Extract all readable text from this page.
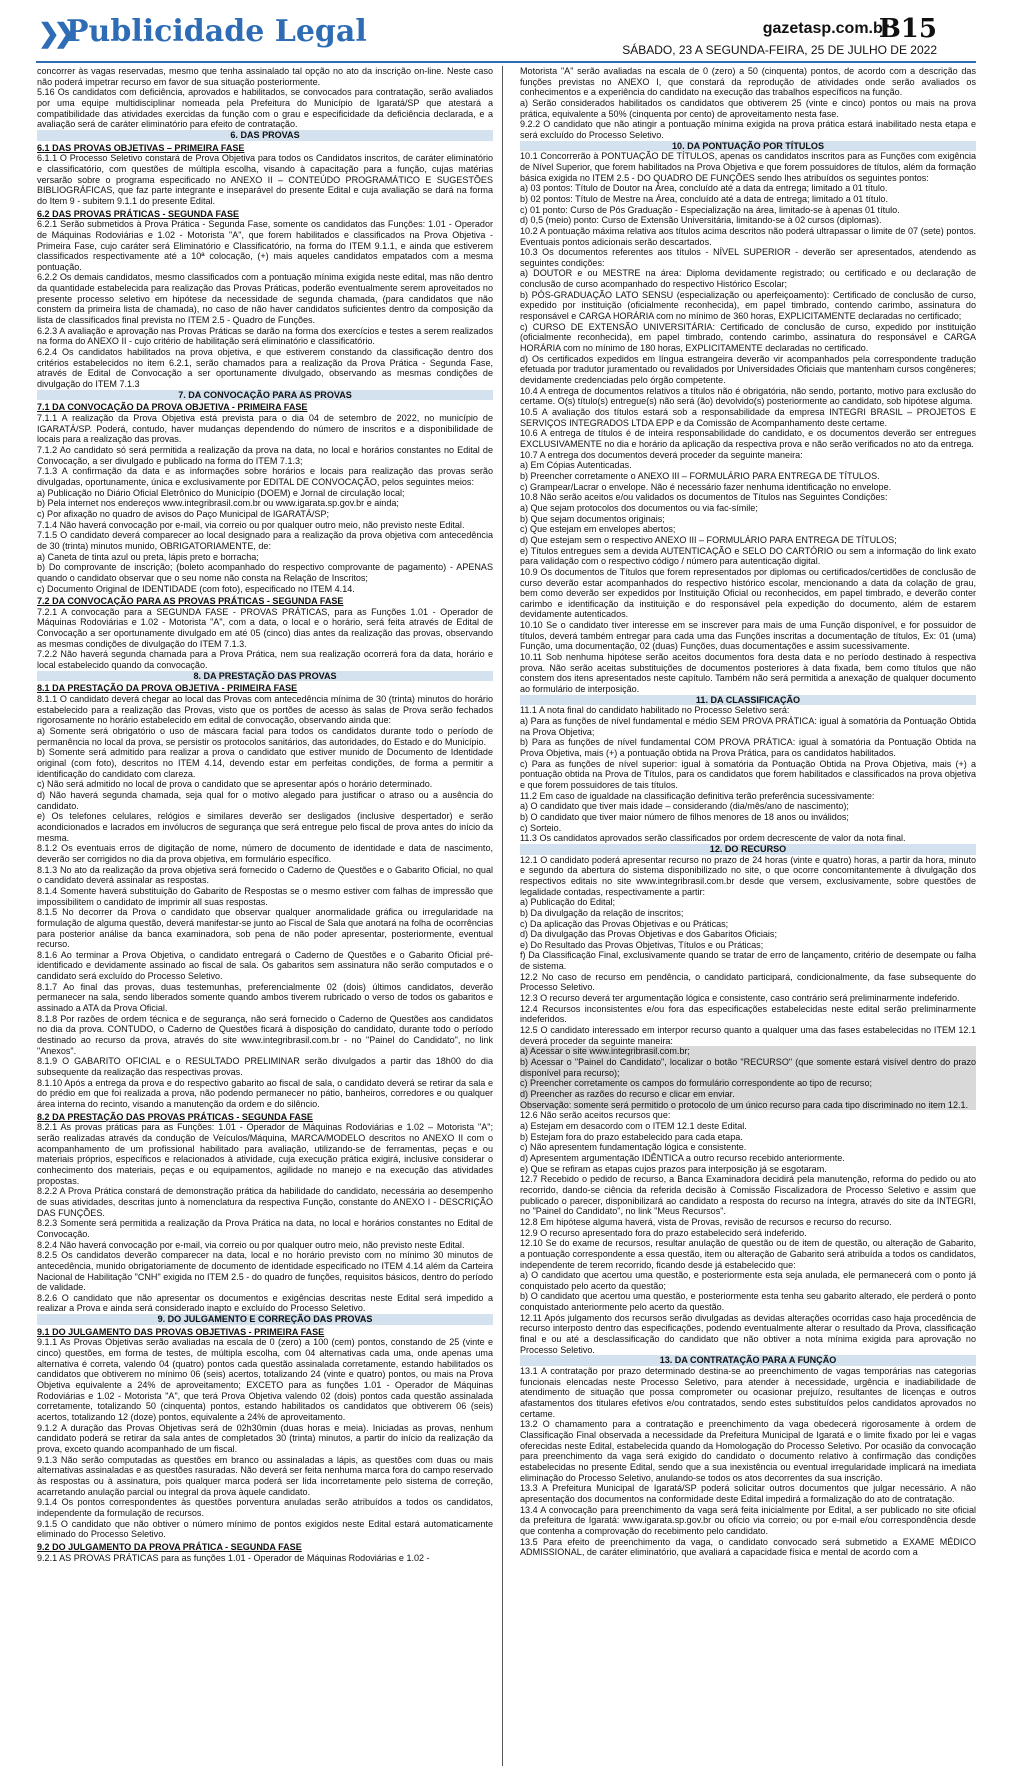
❯❯
Publicidade Legal	gazetasp.com.br
B15
SÁBADO, 23 A SEGUNDA-FEIRA, 25 DE JULHO DE 2022

concorrer às vagas reservadas, mesmo que tenha assinalado tal opção no ato da inscrição on-line. Neste caso não poderá impetrar recurso em favor de sua situação posteriormente.

5.16 Os candidatos com deficiência, aprovados e habilitados, se convocados para contratação, serão avaliados por uma equipe multidisciplinar nomeada pela Prefeitura do Município de Igaratá/SP que atestará a compatibilidade das atividades exercidas da função com o grau e especificidade da deficiência declarada, e a avaliação será de caráter eliminatório para efeito de contratação.

6. DAS PROVAS

6.1 DAS PROVAS OBJETIVAS – PRIMEIRA FASE

6.1.1 O Processo Seletivo constará de Prova Objetiva para todos os Candidatos inscritos, de caráter eliminatório e classificatório, com questões de múltipla escolha, visando à capacitação para a função, cujas matérias versarão sobre o programa especificado no ANEXO II – CONTEÚDO PROGRAMÁTICO E SUGESTÕES BIBLIOGRÁFICAS, que faz parte integrante e inseparável do presente Edital e cuja avaliação se dará na forma do Item 9 - subitem 9.1.1 do presente Edital.

6.2 DAS PROVAS PRÁTICAS - SEGUNDA FASE

6.2.1 Serão submetidos à Prova Prática - Segunda Fase, somente os candidatos das Funções: 1.01 - Operador de Máquinas Rodoviárias e 1.02 - Motorista "A", que forem habilitados e classificados na Prova Objetiva - Primeira Fase, cujo caráter será Eliminatório e Classificatório, na forma do ITEM 9.1.1, e ainda que estiverem classificados respectivamente até a 10ª colocação, (+) mais aqueles candidatos empatados com a mesma pontuação.

6.2.2 Os demais candidatos, mesmo classificados com a pontuação mínima exigida neste edital, mas não dentro da quantidade estabelecida para realização das Provas Práticas, poderão eventualmente serem aproveitados no presente processo seletivo em hipótese da necessidade de segunda chamada, (para candidatos que não constem da primeira lista de chamada), no caso de não haver candidatos suficientes dentro da composição da lista de classificados final prevista no ITEM 2.5 - Quadro de Funções.

6.2.3 A avaliação e aprovação nas Provas Práticas se darão na forma dos exercícios e testes a serem realizados na forma do ANEXO II - cujo critério de habilitação será eliminatório e classificatório.

6.2.4 Os candidatos habilitados na prova objetiva, e que estiverem constando da classificação dentro dos critérios estabelecidos no item 6.2.1, serão chamados para a realização da Prova Prática - Segunda Fase, através de Edital de Convocação a ser oportunamente divulgado, observando as mesmas condições de divulgação do ITEM 7.1.3

7. DA CONVOCAÇÃO PARA AS PROVAS

7.1 DA CONVOCAÇÃO DA PROVA OBJETIVA - PRIMEIRA FASE

7.1.1 A realização da Prova Objetiva está prevista para o dia 04 de setembro de 2022, no município de IGARATÁ/SP. Poderá, contudo, haver mudanças dependendo do número de inscritos e a disponibilidade de locais para a realização das provas.

7.1.2 Ao candidato só será permitida a realização da prova na data, no local e horários constantes no Edital de Convocação, a ser divulgado e publicado na forma do ITEM 7.1.3;

7.1.3 A confirmação da data e as informações sobre horários e locais para realização das provas serão divulgadas, oportunamente, única e exclusivamente por EDITAL DE CONVOCAÇÃO, pelos seguintes meios:

a) Publicação no Diário Oficial Eletrônico do Município (DOEM) e Jornal de circulação local;

b) Pela internet nos endereços www.integribrasil.com.br ou www.igarata.sp.gov.br e ainda;

c) Por afixação no quadro de avisos do Paço Municipal de IGARATÁ/SP;

7.1.4 Não haverá convocação por e-mail, via correio ou por qualquer outro meio, não previsto neste Edital.

7.1.5 O candidato deverá comparecer ao local designado para a realização da prova objetiva com antecedência de 30 (trinta) minutos munido, OBRIGATORIAMENTE, de:

a) Caneta de tinta azul ou preta, lápis preto e borracha;

b) Do comprovante de inscrição; (boleto acompanhado do respectivo comprovante de pagamento) - APENAS quando o candidato observar que o seu nome não consta na Relação de Inscritos;

c) Documento Original de IDENTIDADE (com foto), especificado no ITEM 4.14.

7.2 DA CONVOCAÇÃO PARA AS PROVAS PRÁTICAS - SEGUNDA FASE

7.2.1 A convocação para a SEGUNDA FASE - PROVAS PRÁTICAS, para as Funções 1.01 - Operador de Máquinas Rodoviárias e 1.02 - Motorista "A", com a data, o local e o horário, será feita através de Edital de Convocação a ser oportunamente divulgado em até 05 (cinco) dias antes da realização das provas, observando as mesmas condições de divulgação do ITEM 7.1.3.

7.2.2 Não haverá segunda chamada para a Prova Prática, nem sua realização ocorrerá fora da data, horário e local estabelecido quando da convocação.

8. DA PRESTAÇÃO DAS PROVAS

8.1 DA PRESTAÇÃO DA PROVA OBJETIVA - PRIMEIRA FASE

8.1.1 O candidato deverá chegar ao local das Provas com antecedência mínima de 30 (trinta) minutos do horário estabelecido para a realização das Provas, visto que os portões de acesso às salas de Prova serão fechados rigorosamente no horário estabelecido em edital de convocação, observando ainda que:

a) Somente será obrigatório o uso de máscara facial para todos os candidatos durante todo o período de permanência no local da prova, se persistir os protocolos sanitários, das autoridades, do Estado e do Município.

b) Somente será admitido para realizar a prova o candidato que estiver munido de Documento de Identidade original (com foto), descritos no ITEM 4.14, devendo estar em perfeitas condições, de forma a permitir a identificação do candidato com clareza.

c) Não será admitido no local de prova o candidato que se apresentar após o horário determinado.

d) Não haverá segunda chamada, seja qual for o motivo alegado para justificar o atraso ou a ausência do candidato.

e) Os telefones celulares, relógios e similares deverão ser desligados (inclusive despertador) e serão acondicionados e lacrados em invólucros de segurança que será entregue pelo fiscal de prova antes do início da mesma.

8.1.2 Os eventuais erros de digitação de nome, número de documento de identidade e data de nascimento, deverão ser corrigidos no dia da prova objetiva, em formulário específico.

8.1.3 No ato da realização da prova objetiva será fornecido o Caderno de Questões e o Gabarito Oficial, no qual o candidato deverá assinalar as respostas.

8.1.4 Somente haverá substituição do Gabarito de Respostas se o mesmo estiver com falhas de impressão que impossibilitem o candidato de imprimir all suas respostas.

8.1.5 No decorrer da Prova o candidato que observar qualquer anormalidade gráfica ou irregularidade na formulação de alguma questão, deverá manifestar-se junto ao Fiscal de Sala que anotará na folha de ocorrências para posterior análise da banca examinadora, sob pena de não poder apresentar, posteriormente, eventual recurso.

8.1.6 Ao terminar a Prova Objetiva, o candidato entregará o Caderno de Questões e o Gabarito Oficial pré-identificado e devidamente assinado ao fiscal de sala. Os gabaritos sem assinatura não serão computados e o candidato será excluído do Processo Seletivo.

8.1.7 Ao final das provas, duas testemunhas, preferencialmente 02 (dois) últimos candidatos, deverão permanecer na sala, sendo liberados somente quando ambos tiverem rubricado o verso de todos os gabaritos e assinado a ATA da Prova Oficial.

8.1.8 Por razões de ordem técnica e de segurança, não será fornecido o Caderno de Questões aos candidatos no dia da prova. CONTUDO, o Caderno de Questões ficará à disposição do candidato, durante todo o período destinado ao recurso da prova, através do site www.integribrasil.com.br - no "Painel do Candidato", no link "Anexos".

8.1.9 O GABARITO OFICIAL e o RESULTADO PRELIMINAR serão divulgados a partir das 18h00 do dia subsequente da realização das respectivas provas.

8.1.10 Após a entrega da prova e do respectivo gabarito ao fiscal de sala, o candidato deverá se retirar da sala e do prédio em que foi realizada a prova, não podendo permanecer no pátio, banheiros, corredores e ou qualquer área interna do recinto, visando a manutenção da ordem e do silêncio.

8.2 DA PRESTAÇÃO DAS PROVAS PRÁTICAS - SEGUNDA FASE

8.2.1 As provas práticas para as Funções: 1.01 - Operador de Máquinas Rodoviárias e 1.02 – Motorista "A"; serão realizadas através da condução de Veículos/Máquina, MARCA/MODELO descritos no ANEXO II com o acompanhamento de um profissional habilitado para avaliação, utilizando-se de ferramentas, peças e ou materiais próprios, específicos e relacionados à atividade, cuja execução prática exigirá, inclusive considerar o conhecimento dos materiais, peças e ou equipamentos, agilidade no manejo e na execução das atividades propostas.

8.2.2 A Prova Prática constará de demonstração prática da habilidade do candidato, necessária ao desempenho de suas atividades, descritas junto à nomenclatura da respectiva Função, constante do ANEXO I - DESCRIÇÃO DAS FUNÇÕES.

8.2.3 Somente será permitida a realização da Prova Prática na data, no local e horários constantes no Edital de Convocação.

8.2.4 Não haverá convocação por e-mail, via correio ou por qualquer outro meio, não previsto neste Edital.

8.2.5 Os candidatos deverão comparecer na data, local e no horário previsto com no mínimo 30 minutos de antecedência, munido obrigatoriamente de documento de identidade especificado no ITEM 4.14 além da Carteira Nacional de Habilitação "CNH" exigida no ITEM 2.5 - do quadro de funções, requisitos básicos, dentro do período de validade.

8.2.6 O candidato que não apresentar os documentos e exigências descritas neste Edital será impedido a realizar a Prova e ainda será considerado inapto e excluído do Processo Seletivo.

9. DO JULGAMENTO E CORREÇÃO DAS PROVAS

9.1 DO JULGAMENTO DAS PROVAS OBJETIVAS - PRIMEIRA FASE

9.1.1 As Provas Objetivas serão avaliadas na escala de 0 (zero) a 100 (cem) pontos, constando de 25 (vinte e cinco) questões, em forma de testes, de múltipla escolha, com 04 alternativas cada uma, onde apenas uma alternativa é correta, valendo 04 (quatro) pontos cada questão assinalada corretamente, estando habilitados os candidatos que obtiverem no mínimo 06 (seis) acertos, totalizando 24 (vinte e quatro) pontos, ou mais na Prova Objetiva equivalente a 24% de aproveitamento; EXCETO para as funções 1.01 - Operador de Máquinas Rodoviárias e 1.02 - Motorista "A", que terá Prova Objetiva valendo 02 (dois) pontos cada questão assinalada corretamente, totalizando 50 (cinquenta) pontos, estando habilitados os candidatos que obtiverem 06 (seis) acertos, totalizando 12 (doze) pontos, equivalente a 24% de aproveitamento.

9.1.2 A duração das Provas Objetivas será de 02h30min (duas horas e meia). Iniciadas as provas, nenhum candidato poderá se retirar da sala antes de completados 30 (trinta) minutos, a partir do início da realização da prova, exceto quando acompanhado de um fiscal.

9.1.3 Não serão computadas as questões em branco ou assinaladas a lápis, as questões com duas ou mais alternativas assinaladas e as questões rasuradas. Não deverá ser feita nenhuma marca fora do campo reservado às respostas ou à assinatura, pois qualquer marca poderá ser lida incorretamente pelo sistema de correção, acarretando anulação parcial ou integral da prova àquele candidato.

9.1.4 Os pontos correspondentes às questões porventura anuladas serão atribuídos a todos os candidatos, independente da formulação de recursos.

9.1.5 O candidato que não obtiver o número mínimo de pontos exigidos neste Edital estará automaticamente eliminado do Processo Seletivo.

9.2 DO JULGAMENTO DA PROVA PRÁTICA - SEGUNDA FASE

9.2.1 AS PROVAS PRÁTICAS para as funções 1.01 - Operador de Máquinas Rodoviárias e 1.02 -

Motorista "A" serão avaliadas na escala de 0 (zero) a 50 (cinquenta) pontos, de acordo com a descrição das funções previstas no ANEXO I, que constará da reprodução de atividades onde serão avaliados os conhecimentos e a experiência do candidato na execução das trabalhos específicos na função.

a) Serão considerados habilitados os candidatos que obtiverem 25 (vinte e cinco) pontos ou mais na prova prática, equivalente a 50% (cinquenta por cento) de aproveitamento nesta fase.

9.2.2 O candidato que não atingir a pontuação mínima exigida na prova prática estará inabilitado nesta etapa e será excluído do Processo Seletivo.

10. DA PONTUAÇÃO POR TÍTULOS

10.1 Concorrerão à PONTUAÇÃO DE TÍTULOS, apenas os candidatos inscritos para as Funções com exigência de Nível Superior, que forem habilitados na Prova Objetiva e que forem possuidores de títulos, além da formação básica exigida no ITEM 2.5 - DO QUADRO DE FUNÇÕES sendo lhes atribuídos os seguintes pontos:

a) 03 pontos: Título de Doutor na Área, concluído até a data da entrega; limitado a 01 título.

b) 02 pontos: Título de Mestre na Área, concluído até a data de entrega; limitado a 01 título.

c) 01 ponto: Curso de Pós Graduação - Especialização na área, limitado-se à apenas 01 título.

d) 0,5 (meio) ponto: Curso de Extensão Universitária, limitando-se à 02 cursos (diplomas).

10.2 A pontuação máxima relativa aos títulos acima descritos não poderá ultrapassar o limite de 07 (sete) pontos. Eventuais pontos adicionais serão descartados.

10.3 Os documentos referentes aos títulos - NÍVEL SUPERIOR - deverão ser apresentados, atendendo as seguintes condições:

a) DOUTOR e ou MESTRE na área: Diploma devidamente registrado; ou certificado e ou declaração de conclusão de curso acompanhado do respectivo Histórico Escolar;

b) PÓS-GRADUAÇÃO LATO SENSU (especialização ou aperfeiçoamento): Certificado de conclusão de curso, expedido por instituição (oficialmente reconhecida), em papel timbrado, contendo carimbo, assinatura do responsável e CARGA HORÁRIA com no mínimo de 360 horas, EXPLICITAMENTE declaradas no certificado;

c) CURSO DE EXTENSÃO UNIVERSITÁRIA: Certificado de conclusão de curso, expedido por instituição (oficialmente reconhecida), em papel timbrado, contendo carimbo, assinatura do responsável e CARGA HORÁRIA com no mínimo de 180 horas, EXPLICITAMENTE declaradas no certificado.

d) Os certificados expedidos em língua estrangeira deverão vir acompanhados pela correspondente tradução efetuada por tradutor juramentado ou revalidados por Universidades Oficiais que mantenham cursos congêneres; devidamente credenciadas pelo órgão competente.

10.4 A entrega de documentos relativos a títulos não é obrigatória, não sendo, portanto, motivo para exclusão do certame. O(s) título(s) entregue(s) não será (ão) devolvido(s) posteriormente ao candidato, sob hipótese alguma.

10.5 A avaliação dos títulos estará sob a responsabilidade da empresa INTEGRI BRASIL – PROJETOS E SERVIÇOS INTEGRADOS LTDA EPP e da Comissão de Acompanhamento deste certame.

10.6 A entrega de títulos é de inteira responsabilidade do candidato, e os documentos deverão ser entregues EXCLUSIVAMENTE no dia e horário da aplicação da respectiva prova e não serão verificados no ato da entrega.

10.7 A entrega dos documentos deverá proceder da seguinte maneira:

a) Em Cópias Autenticadas.

b) Preencher corretamente o ANEXO III – FORMULÁRIO PARA ENTREGA DE TÍTULOS.

c) Grampear/Lacrar o envelope. Não é necessário fazer nenhuma identificação no envelope.

10.8 Não serão aceitos e/ou validados os documentos de Títulos nas Seguintes Condições:

a) Que sejam protocolos dos documentos ou via fac-símile;

b) Que sejam documentos originais;

c) Que estejam em envelopes abertos;

d) Que estejam sem o respectivo ANEXO III – FORMULÁRIO PARA ENTREGA DE TÍTULOS;

e) Títulos entregues sem a devida AUTENTICAÇÃO e SELO DO CARTÓRIO ou sem a informação do link exato para validação com o respectivo código / número para autenticação digital.

10.9 Os documentos de Títulos que forem representados por diplomas ou certificados/certidões de conclusão de curso deverão estar acompanhados do respectivo histórico escolar, mencionando a data da colação de grau, bem como deverão ser expedidos por Instituição Oficial ou reconhecidos, em papel timbrado, e deverão conter carimbo e identificação da instituição e do responsável pela expedição do documento, além de estarem devidamente autenticados.

10.10 Se o candidato tiver interesse em se inscrever para mais de uma Função disponível, e for possuidor de títulos, deverá também entregar para cada uma das Funções inscritas a documentação de títulos, Ex: 01 (uma) Função, uma documentação, 02 (duas) Funções, duas documentações e assim sucessivamente.

10.11 Sob nenhuma hipótese serão aceitos documentos fora desta data e no período destinado à respectiva prova. Não serão aceitas substituições de documentos posteriores à data fixada, bem como títulos que não constem dos itens apresentados neste capítulo. Também não será permitida a anexação de qualquer documento ao formulário de interposição.

11. DA CLASSIFICAÇÃO

11.1 A nota final do candidato habilitado no Processo Seletivo será:

a) Para as funções de nível fundamental e médio SEM PROVA PRÁTICA: igual à somatória da Pontuação Obtida na Prova Objetiva;

b) Para as funções de nível fundamental COM PROVA PRÁTICA: igual à somatória da Pontuação Obtida na Prova Objetiva, mais (+) a pontuação obtida na Prova Prática, para os candidatos habilitados.

c) Para as funções de nível superior: igual à somatória da Pontuação Obtida na Prova Objetiva, mais (+) a pontuação obtida na Prova de Títulos, para os candidatos que forem habilitados e classificados na prova objetiva e que forem possuidores de tais títulos.

11.2 Em caso de igualdade na classificação definitiva terão preferência sucessivamente:

a) O candidato que tiver mais idade – considerando (dia/mês/ano de nascimento);

b) O candidato que tiver maior número de filhos menores de 18 anos ou inválidos;

c) Sorteio.

11.3 Os candidatos aprovados serão classificados por ordem decrescente de valor da nota final.

12. DO RECURSO

12.1 O candidato poderá apresentar recurso no prazo de 24 horas (vinte e quatro) horas, a partir da hora, minuto e segundo da abertura do sistema disponibilizado no site, o que ocorre concomitantemente à divulgação dos respectivos editais no site www.integribrasil.com.br desde que versem, exclusivamente, sobre questões de legalidade contadas, respectivamente a partir:

a) Publicação do Edital;

b) Da divulgação da relação de inscritos;

c) Da aplicação das Provas Objetivas e ou Práticas;

d) Da divulgação das Provas Objetivas e dos Gabaritos Oficiais;

e) Do Resultado das Provas Objetivas, Títulos e ou Práticas;

f) Da Classificação Final, exclusivamente quando se tratar de erro de lançamento, critério de desempate ou falha de sistema.

12.2 No caso de recurso em pendência, o candidato participará, condicionalmente, da fase subsequente do Processo Seletivo.

12.3 O recurso deverá ter argumentação lógica e consistente, caso contrário será preliminarmente indeferido.

12.4 Recursos inconsistentes e/ou fora das especificações estabelecidas neste edital serão preliminarmente indeferidos.

12.5 O candidato interessado em interpor recurso quanto a qualquer uma das fases estabelecidas no ITEM 12.1 deverá proceder da seguinte maneira:

a) Acessar o site www.integribrasil.com.br;

b) Acessar o "Painel do Candidato", localizar o botão "RECURSO" (que somente estará visível dentro do prazo disponível para recurso);

c) Preencher corretamente os campos do formulário correspondente ao tipo de recurso;

d) Preencher as razões do recurso e clicar em enviar.

Observação: somente será permitido o protocolo de um único recurso para cada tipo discriminado no item 12.1.

12.6 Não serão aceitos recursos que:

a) Estejam em desacordo com o ITEM 12.1 deste Edital.

b) Estejam fora do prazo estabelecido para cada etapa.

c) Não apresentem fundamentação lógica e consistente.

d) Apresentem argumentação IDÊNTICA a outro recurso recebido anteriormente.

e) Que se refiram as etapas cujos prazos para interposição já se esgotaram.

12.7 Recebido o pedido de recurso, a Banca Examinadora decidirá pela manutenção, reforma do pedido ou ato recorrido, dando-se ciência da referida decisão à Comissão Fiscalizadora de Processo Seletivo e assim que publicado o parecer, disponibilizará ao candidato a resposta do recurso na íntegra, através do site da INTEGRI, no "Painel do Candidato", no link "Meus Recursos".

12.8 Em hipótese alguma haverá, vista de Provas, revisão de recursos e recurso do recurso.

12.9 O recurso apresentado fora do prazo estabelecido será indeferido.

12.10 Se do exame de recursos, resultar anulação de questão ou de item de questão, ou alteração de Gabarito, a pontuação correspondente a essa questão, item ou alteração de Gabarito será atribuída a todos os candidatos, independente de terem recorrido, ficando desde já estabelecido que:

a) O candidato que acertou uma questão, e posteriormente esta seja anulada, ele permanecerá com o ponto já conquistado pelo acerto da questão;

b) O candidato que acertou uma questão, e posteriormente esta tenha seu gabarito alterado, ele perderá o ponto conquistado anteriormente pelo acerto da questão.

12.11 Após julgamento dos recursos serão divulgadas as devidas alterações ocorridas caso haja procedência de recurso interposto dentro das especificações, podendo eventualmente alterar o resultado da Prova, classificação final e ou até a desclassificação do candidato que não obtiver a nota mínima exigida para aprovação no Processo Seletivo.

13. DA CONTRATAÇÃO PARA A FUNÇÃO

13.1 A contratação por prazo determinado destina-se ao preenchimento de vagas temporárias nas categorias funcionais elencadas neste Processo Seletivo, para atender à necessidade, urgência e inadiabilidade de atendimento de situação que possa comprometer ou ocasionar prejuízo, resultantes de licenças e outros afastamentos dos titulares efetivos e/ou contratados, sendo estes substituídos pelos candidatos aprovados no certame.

13.2 O chamamento para a contratação e preenchimento da vaga obedecerá rigorosamente à ordem de Classificação Final observada a necessidade da Prefeitura Municipal de Igaratá e o limite fixado por lei e vagas oferecidas neste Edital, estabelecida quando da Homologação do Processo Seletivo. Por ocasião da convocação para preenchimento da vaga será exigido do candidato o documento relativo à confirmação das condições estabelecidas no presente Edital, sendo que a sua inexistência ou eventual irregularidade implicará na imediata eliminação do Processo Seletivo, anulando-se todos os atos decorrentes da sua inscrição.

13.3 A Prefeitura Municipal de Igaratá/SP poderá solicitar outros documentos que julgar necessário. A não apresentação dos documentos na conformidade deste Edital impedirá a formalização do ato de contratação.

13.4 A convocação para preenchimento da vaga será feita inicialmente por Edital, a ser publicado no site oficial da prefeitura de Igaratá: www.igarata.sp.gov.br ou ofício via correio; ou por e-mail e/ou correspondência desde que contenha a comprovação do recebimento pelo candidato.

13.5 Para efeito de preenchimento da vaga, o candidato convocado será submetido a EXAME MÉDICO ADMISSIONAL, de caráter eliminatório, que avaliará a capacidade física e mental de acordo com a
